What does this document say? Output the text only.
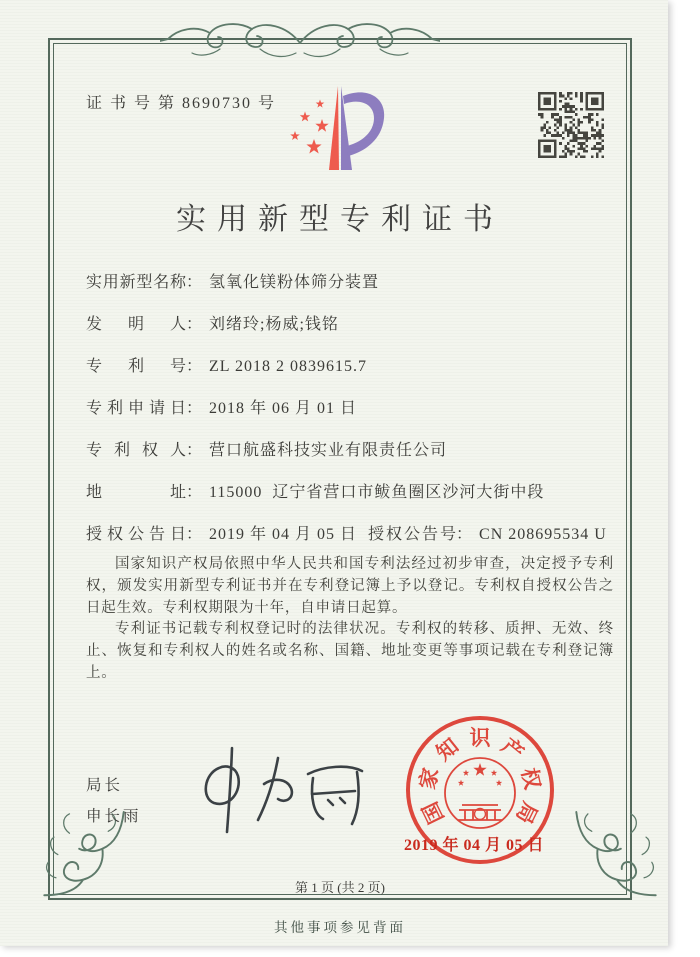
证 书 号 第 8690730 号
实用新型专利证书
实用新型名称 ： 氢氧化镁粉体筛分装置
发明人 ： 刘绪玲;杨威;钱铭
专利号 ： ZL 2018 2 0839615.7
专利申请日 ： 2018 年 06 月 01 日
专利权人 ： 营口航盛科技实业有限责任公司
地址 ： 115000  辽宁省营口市鲅鱼圈区沙河大街中段
授权公告日 ： 2019 年 04 月 05 日 授权公告号 ： CN 208695534 U

国家知识产权局依照中华人民共和国专利法经过初步审查，决定授予专利权，颁发实用新型专利证书并在专利登记簿上予以登记。专利权自授权公告之日起生效。专利权期限为十年，自申请日起算。

专利证书记载专利权登记时的法律状况。专利权的转移、质押、无效、终止、恢复和专利权人的姓名或名称、国籍、地址变更等事项记载在专利登记簿上。

局长
申长雨	国
家
知 识 产
权
局
2019 年 04 月 05 日
第 1 页 (共 2 页)
其他事项参见背面
